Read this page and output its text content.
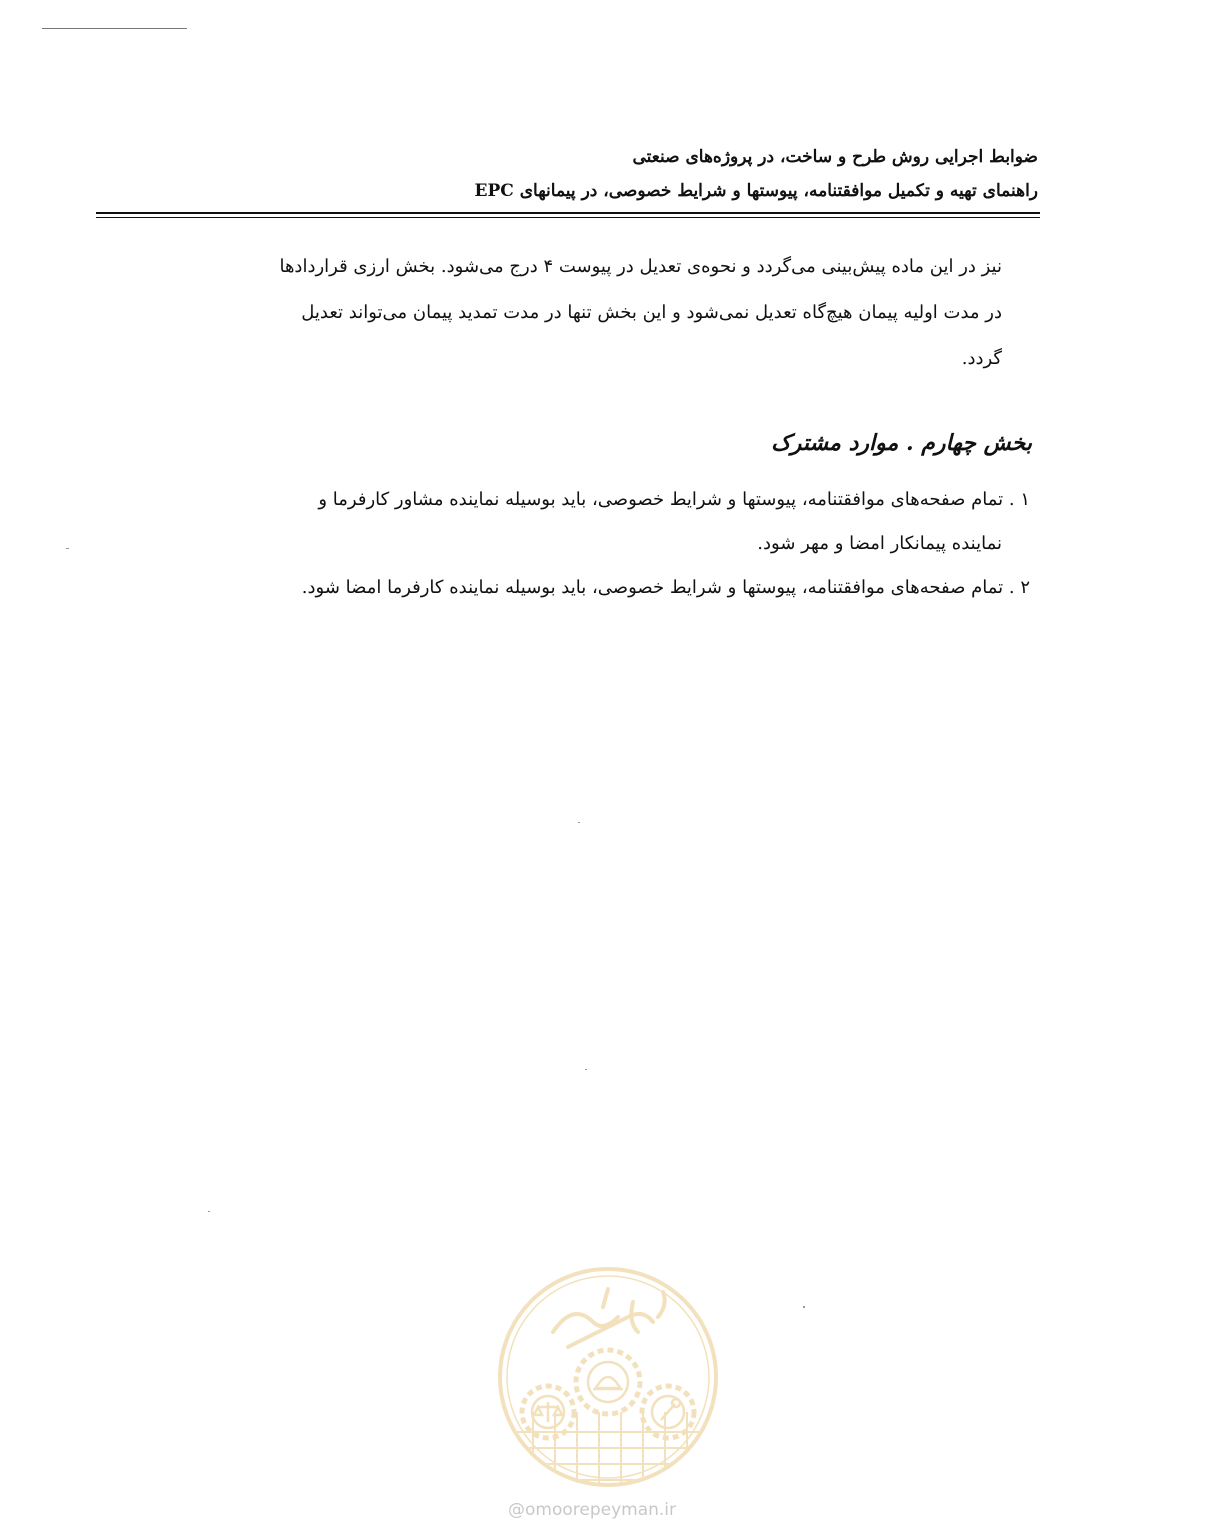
ضوابط اجرایی روش طرح و ساخت، در پروژه‌های صنعتی
راهنمای تهیه و تکمیل موافقتنامه، پیوستها و شرایط خصوصی، در پیمانهای EPC
نیز در این ماده پیش‌بینی می‌گردد و نحوه‌ی تعدیل در پیوست ۴ درج می‌شود. بخش ارزی قراردادها
در مدت اولیه پیمان هیچ‌گاه تعدیل نمی‌شود و این بخش تنها در مدت تمدید پیمان می‌تواند تعدیل
گردد.
بخش چهارم . موارد مشترک
۱ . تمام صفحه‌های موافقتنامه، پیوستها و شرایط خصوصی، باید بوسیله نماینده مشاور کارفرما و
نماینده پیمانکار امضا و مهر شود.
۲ . تمام صفحه‌های موافقتنامه، پیوستها و شرایط خصوصی، باید بوسیله نماینده کارفرما امضا شود.
@omoorepeyman.ir
